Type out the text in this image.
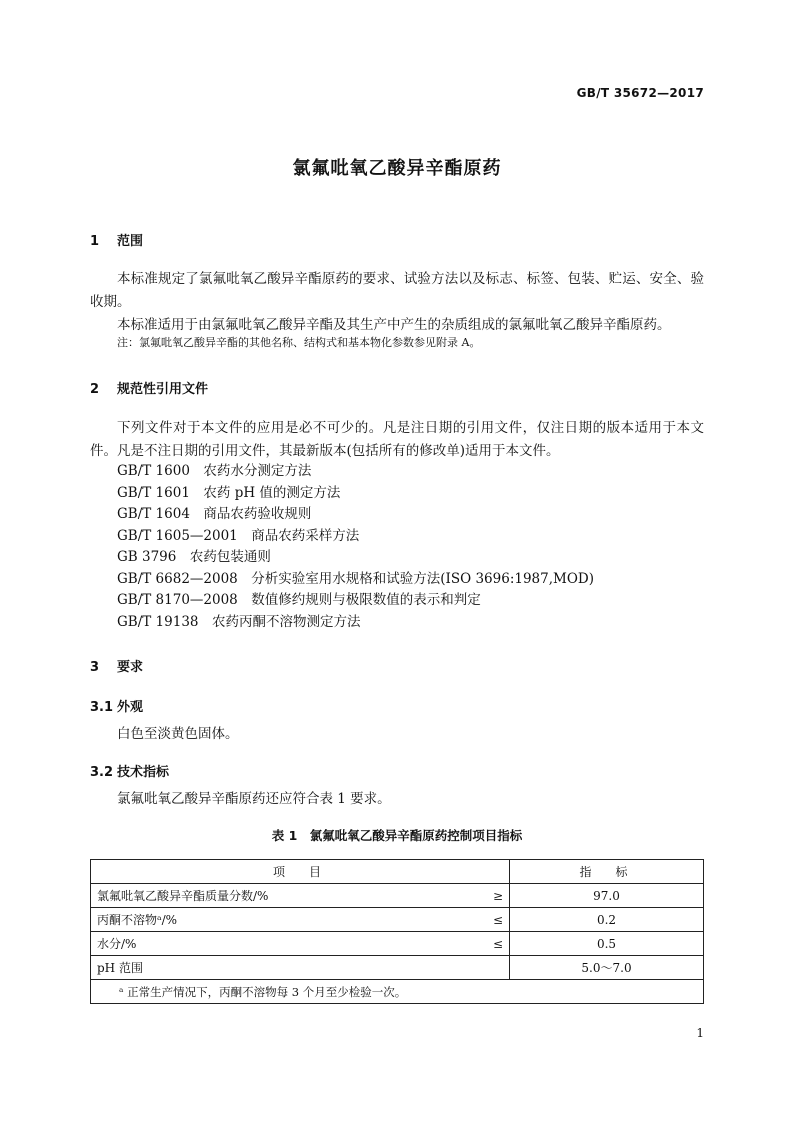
GB/T 35672—2017
氯氟吡氧乙酸异辛酯原药
1 范围
本标准规定了氯氟吡氧乙酸异辛酯原药的要求、试验方法以及标志、标签、包装、贮运、安全、验收期。
本标准适用于由氯氟吡氧乙酸异辛酯及其生产中产生的杂质组成的氯氟吡氧乙酸异辛酯原药。
注：氯氟吡氧乙酸异辛酯的其他名称、结构式和基本物化参数参见附录 A。
2 规范性引用文件
下列文件对于本文件的应用是必不可少的。凡是注日期的引用文件，仅注日期的版本适用于本文件。凡是不注日期的引用文件，其最新版本(包括所有的修改单)适用于本文件。
GB/T 1600　农药水分测定方法
GB/T 1601　农药 pH 值的测定方法
GB/T 1604　商品农药验收规则
GB/T 1605—2001　商品农药采样方法
GB 3796　农药包装通则
GB/T 6682—2008　分析实验室用水规格和试验方法(ISO 3696:1987,MOD)
GB/T 8170—2008　数值修约规则与极限数值的表示和判定
GB/T 19138　农药丙酮不溶物测定方法
3 要求
3.1 外观
白色至淡黄色固体。
3.2 技术指标
氯氟吡氧乙酸异辛酯原药还应符合表 1 要求。
表 1　氯氟吡氧乙酸异辛酯原药控制项目指标
项　目	指　标

氯氟吡氧乙酸异辛酯质量分数/% ≥	97.0

丙酮不溶物ᵃ/% ≤	0.2

水分/% ≤	0.5

pH 范围	5.0～7.0
ᵃ 正常生产情况下，丙酮不溶物每 3 个月至少检验一次。	
1
